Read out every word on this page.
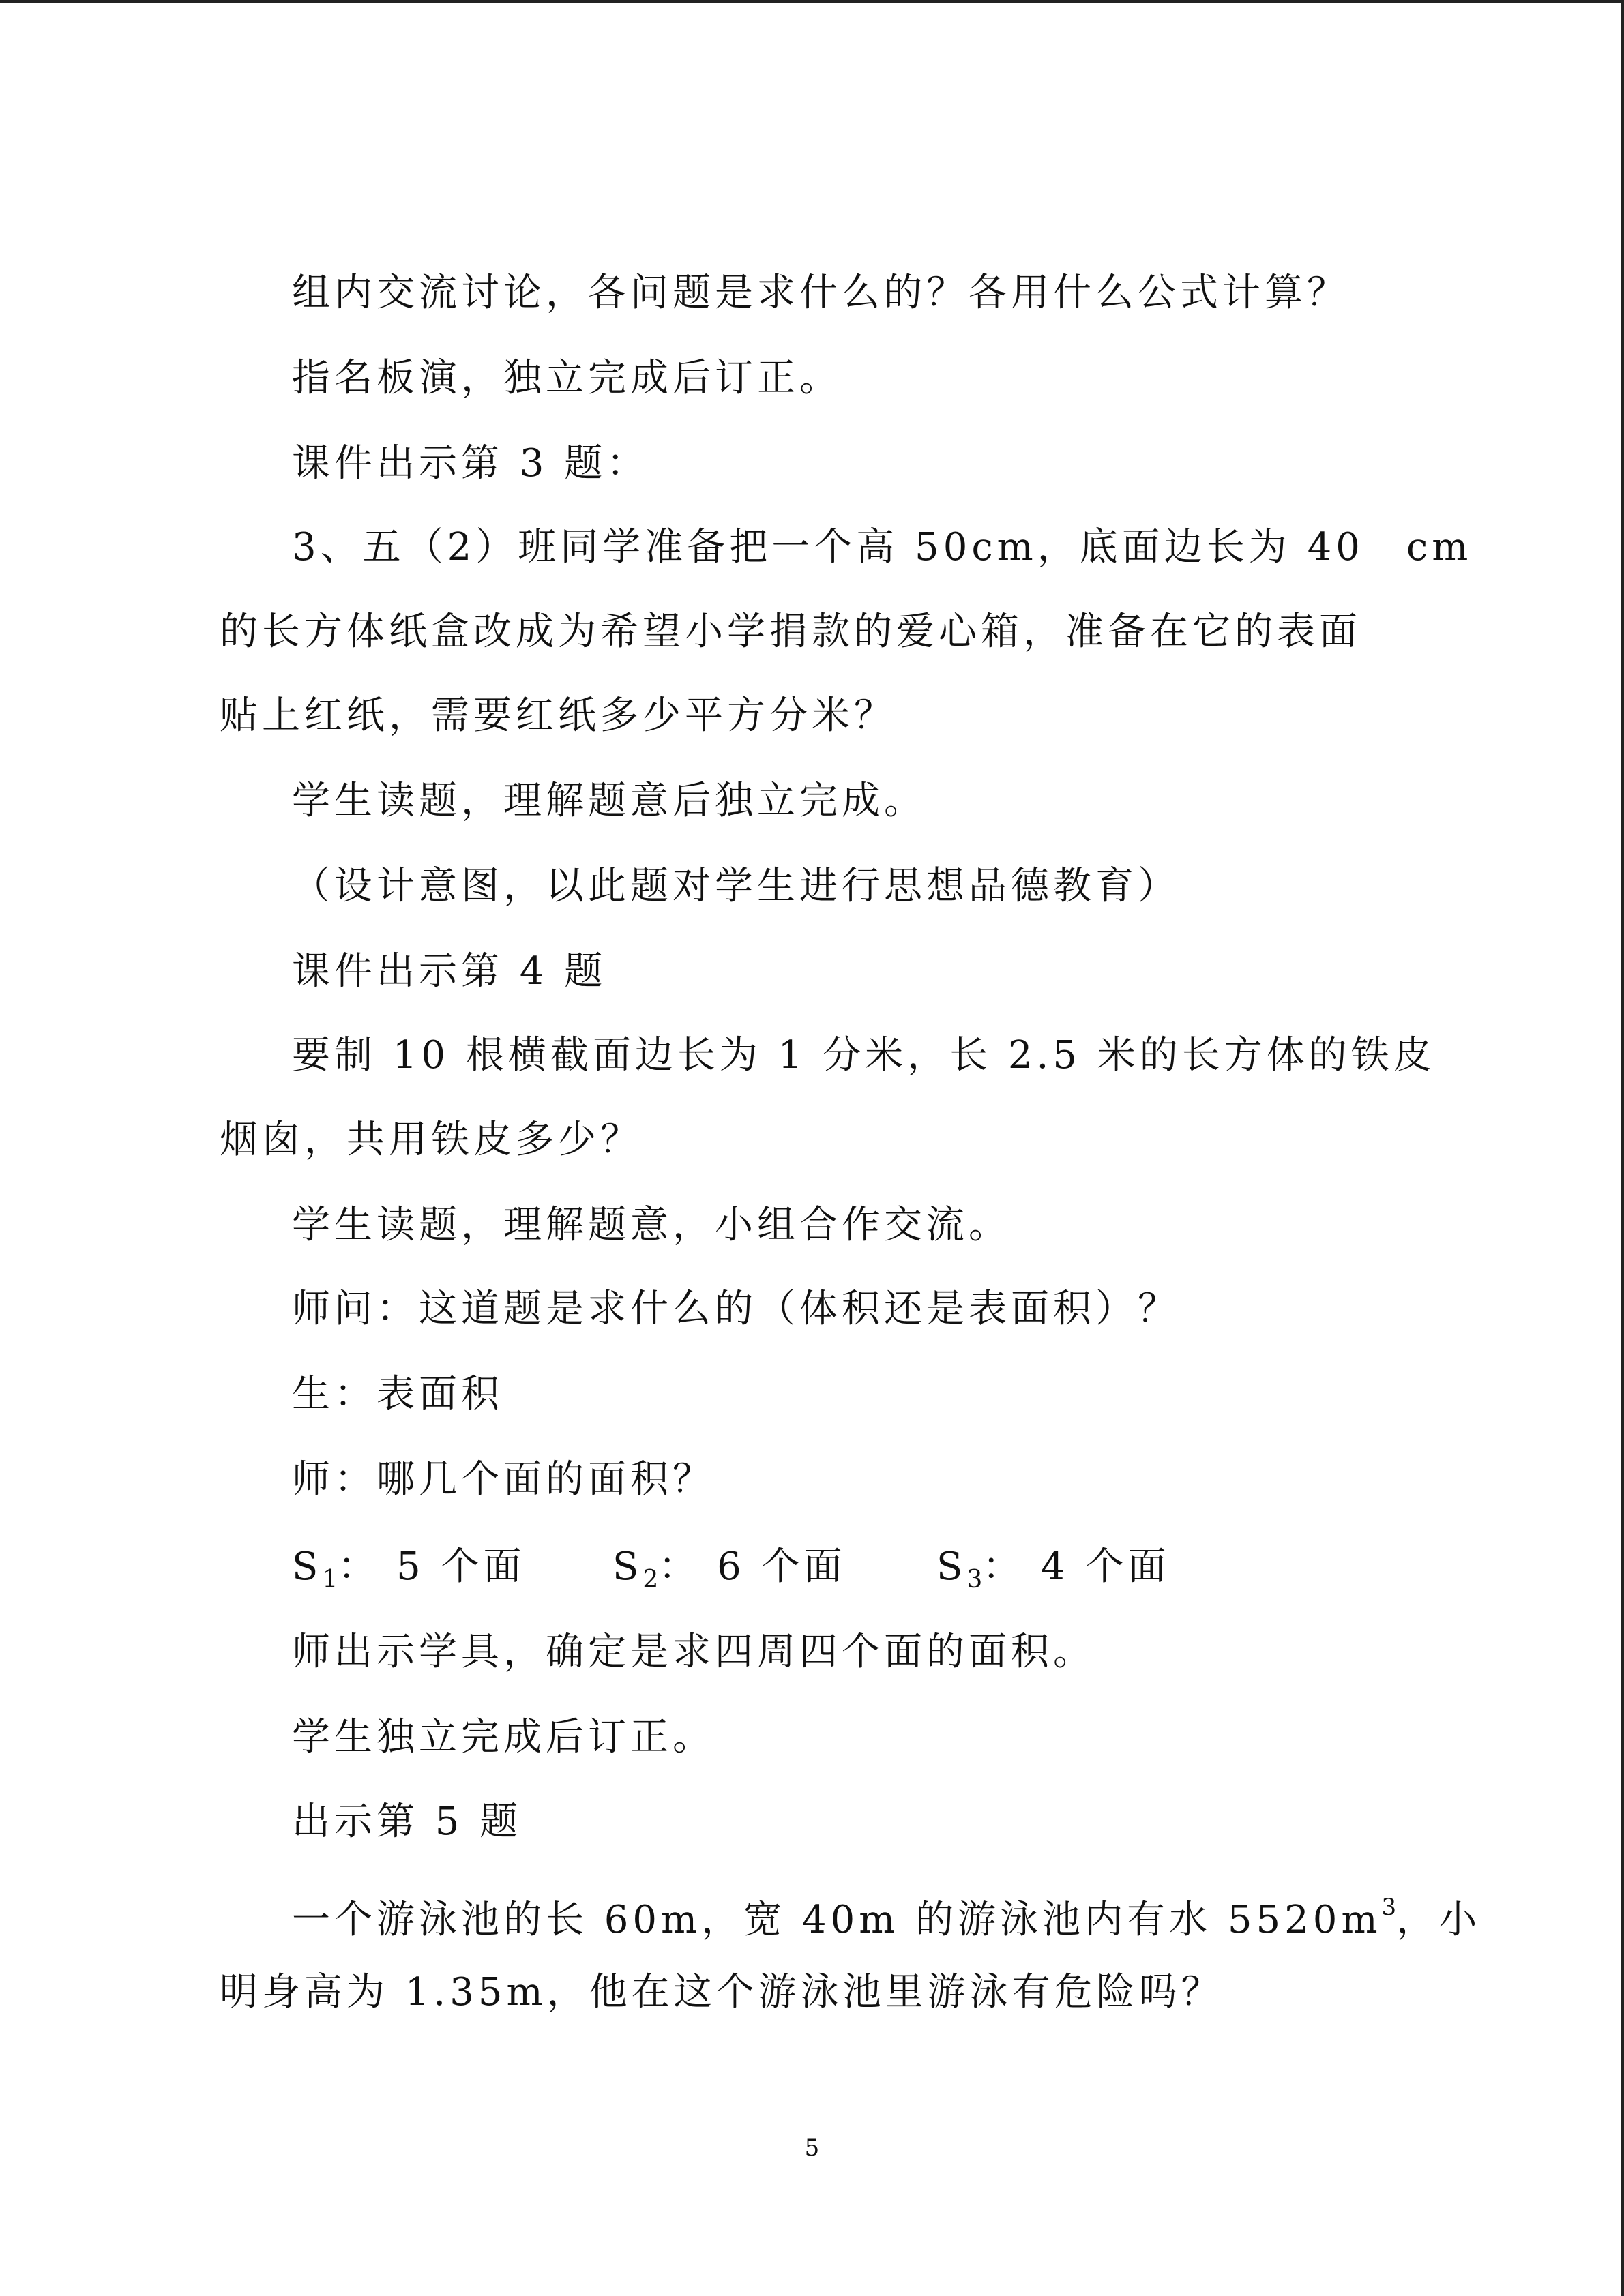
组内交流讨论，各问题是求什么的？各用什么公式计算？
指名板演，独立完成后订正。
课件出示第 3 题：
3、五（2）班同学准备把一个高 50cm，底面边长为 40　cm
的长方体纸盒改成为希望小学捐款的爱心箱，准备在它的表面
贴上红纸，需要红纸多少平方分米？
学生读题，理解题意后独立完成。
（设计意图，以此题对学生进行思想品德教育）
课件出示第 4 题
要制 10 根横截面边长为 1 分米，长 2.5 米的长方体的铁皮
烟囱，共用铁皮多少？
学生读题，理解题意，小组合作交流。
师问：这道题是求什么的（体积还是表面积）？
生：表面积
师：哪几个面的面积？
$S_1$： 5 个面 $S_2$： 6 个面 $S_3$： 4 个面
师出示学具，确定是求四周四个面的面积。
学生独立完成后订正。
出示第 5 题
一个游泳池的长 60m，宽 40m 的游泳池内有水 $5520m^3$，小
明身高为 1.35m，他在这个游泳池里游泳有危险吗？
5
